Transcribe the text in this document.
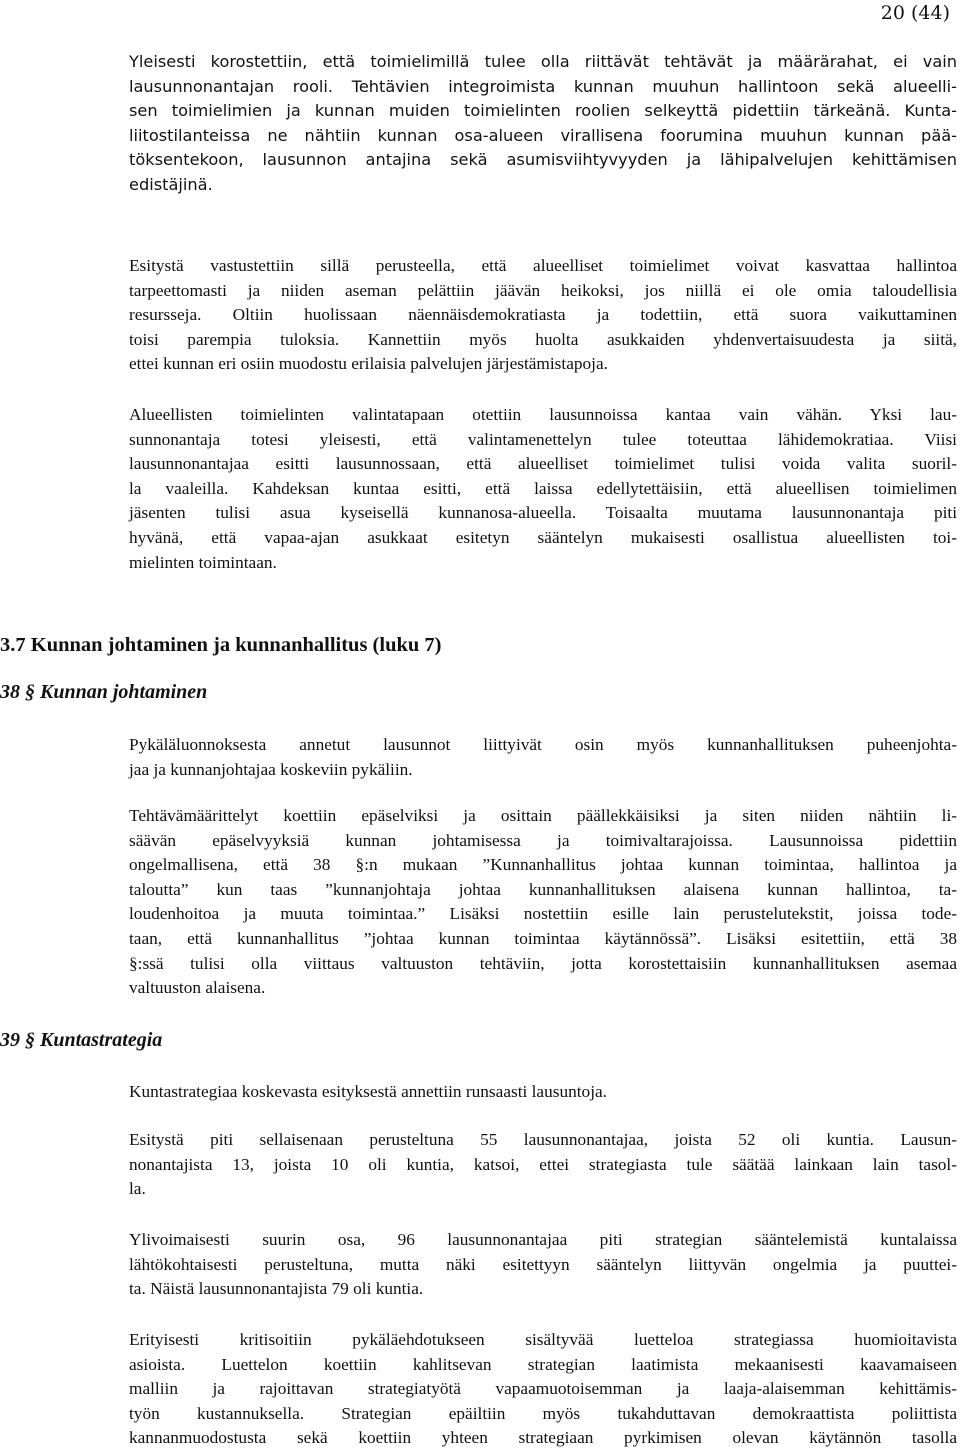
20 (44)
Yleisesti korostettiin, että toimielimillä tulee olla riittävät tehtävät ja määrärahat, ei vain
lausunnonantajan rooli. Tehtävien integroimista kunnan muuhun hallintoon sekä alueelli-
sen toimielimien ja kunnan muiden toimielinten roolien selkeyttä pidettiin tärkeänä. Kunta-
liitostilanteissa ne nähtiin kunnan osa-alueen virallisena foorumina muuhun kunnan pää-
töksentekoon, lausunnon antajina sekä asumisviihtyvyyden ja lähipalvelujen kehittämisen
edistäjinä.
Esitystä vastustettiin sillä perusteella, että alueelliset toimielimet voivat kasvattaa hallintoa
tarpeettomasti ja niiden aseman pelättiin jäävän heikoksi, jos niillä ei ole omia taloudellisia
resursseja. Oltiin huolissaan näennäisdemokratiasta ja todettiin, että suora vaikuttaminen
toisi parempia tuloksia. Kannettiin myös huolta asukkaiden yhdenvertaisuudesta ja siitä,
ettei kunnan eri osiin muodostu erilaisia palvelujen järjestämistapoja.
Alueellisten toimielinten valintatapaan otettiin lausunnoissa kantaa vain vähän. Yksi lau-
sunnonantaja totesi yleisesti, että valintamenettelyn tulee toteuttaa lähidemokratiaa. Viisi
lausunnonantajaa esitti lausunnossaan, että alueelliset toimielimet tulisi voida valita suoril-
la vaaleilla. Kahdeksan kuntaa esitti, että laissa edellytettäisiin, että alueellisen toimielimen
jäsenten tulisi asua kyseisellä kunnanosa-alueella. Toisaalta muutama lausunnonantaja piti
hyvänä, että vapaa-ajan asukkaat esitetyn sääntelyn mukaisesti osallistua alueellisten toi-
mielinten toimintaan.
3.7 Kunnan johtaminen ja kunnanhallitus (luku 7)
38 § Kunnan johtaminen
Pykäläluonnoksesta annetut lausunnot liittyivät osin myös kunnanhallituksen puheenjohta-
jaa ja kunnanjohtajaa koskeviin pykäliin.
Tehtävämäärittelyt koettiin epäselviksi ja osittain päällekkäisiksi ja siten niiden nähtiin li-
säävän epäselvyyksiä kunnan johtamisessa ja toimivaltarajoissa. Lausunnoissa pidettiin
ongelmallisena, että 38 §:n mukaan ”Kunnanhallitus johtaa kunnan toimintaa, hallintoa ja
taloutta” kun taas ”kunnanjohtaja johtaa kunnanhallituksen alaisena kunnan hallintoa, ta-
loudenhoitoa ja muuta toimintaa.” Lisäksi nostettiin esille lain perustelutekstit, joissa tode-
taan, että kunnanhallitus ”johtaa kunnan toimintaa käytännössä”. Lisäksi esitettiin, että 38
§:ssä tulisi olla viittaus valtuuston tehtäviin, jotta korostettaisiin kunnanhallituksen asemaa
valtuuston alaisena.
39 § Kuntastrategia
Kuntastrategiaa koskevasta esityksestä annettiin runsaasti lausuntoja.
Esitystä piti sellaisenaan perusteltuna 55 lausunnonantajaa, joista 52 oli kuntia. Lausun-
nonantajista 13, joista 10 oli kuntia, katsoi, ettei strategiasta tule säätää lainkaan lain tasol-
la.
Ylivoimaisesti suurin osa, 96 lausunnonantajaa piti strategian sääntelemistä kuntalaissa
lähtökohtaisesti perusteltuna, mutta näki esitettyyn sääntelyn liittyvän ongelmia ja puuttei-
ta. Näistä lausunnonantajista 79 oli kuntia.
Erityisesti kritisoitiin pykäläehdotukseen sisältyvää luetteloa strategiassa huomioitavista
asioista. Luettelon koettiin kahlitsevan strategian laatimista mekaanisesti kaavamaiseen
malliin ja rajoittavan strategiatyötä vapaamuotoisemman ja laaja-alaisemman kehittämis-
työn kustannuksella. Strategian epäiltiin myös tukahduttavan demokraattista poliittista
kannanmuodostusta sekä koettiin yhteen strategiaan pyrkimisen olevan käytännön tasolla
